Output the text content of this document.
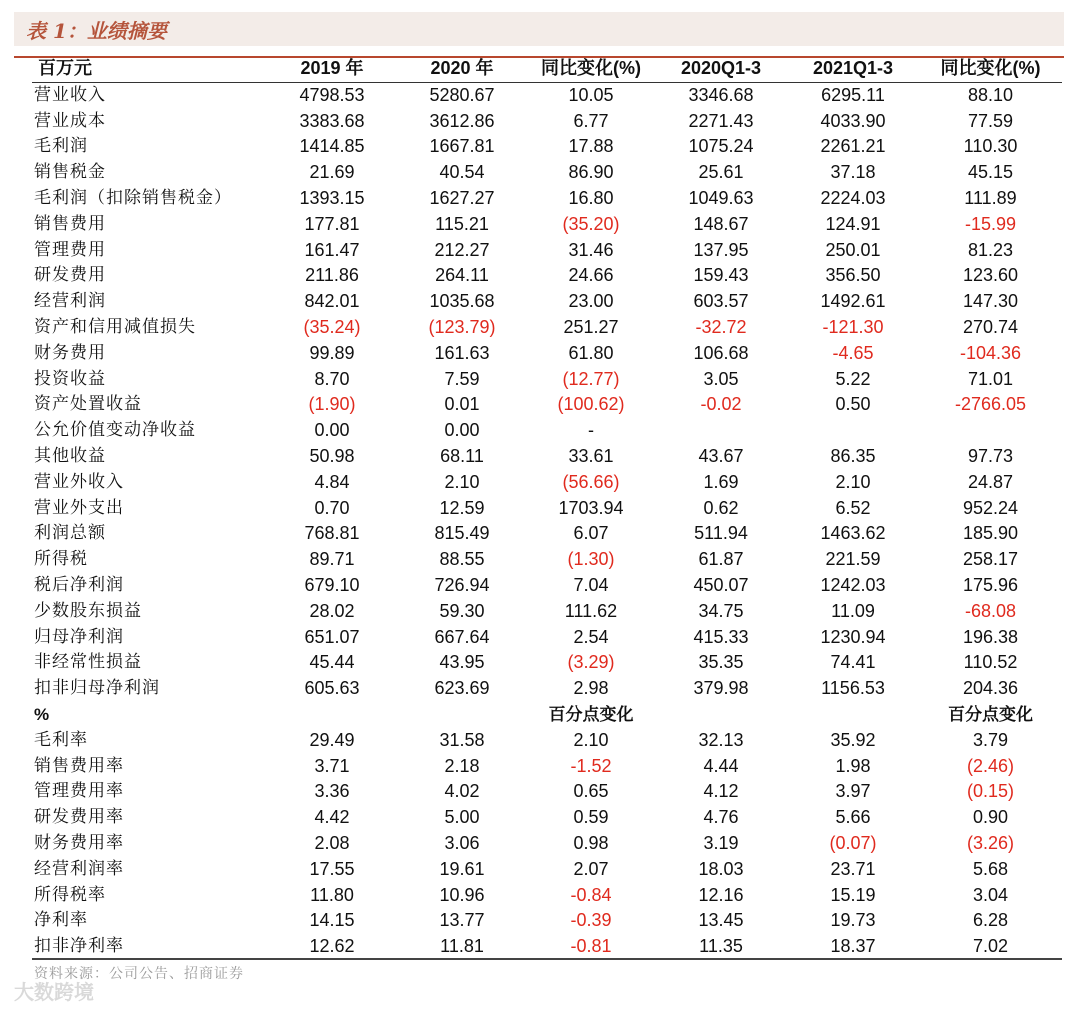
表 1：业绩摘要
百万元	2019 年	2020 年	同比变化(%)	2020Q1-3	2021Q1-3	同比变化(%)
营业收入	4798.53	5280.67	10.05	3346.68	6295.11	88.10
营业成本	3383.68	3612.86	6.77	2271.43	4033.90	77.59
毛利润	1414.85	1667.81	17.88	1075.24	2261.21	110.30
销售税金	21.69	40.54	86.90	25.61	37.18	45.15
毛利润（扣除销售税金）	1393.15	1627.27	16.80	1049.63	2224.03	111.89
销售费用	177.81	115.21	(35.20)	148.67	124.91	-15.99
管理费用	161.47	212.27	31.46	137.95	250.01	81.23
研发费用	211.86	264.11	24.66	159.43	356.50	123.60
经营利润	842.01	1035.68	23.00	603.57	1492.61	147.30
资产和信用减值损失	(35.24)	(123.79)	251.27	-32.72	-121.30	270.74
财务费用	99.89	161.63	61.80	106.68	-4.65	-104.36
投资收益	8.70	7.59	(12.77)	3.05	5.22	71.01
资产处置收益	(1.90)	0.01	(100.62)	-0.02	0.50	-2766.05
公允价值变动净收益	0.00	0.00	-			
其他收益	50.98	68.11	33.61	43.67	86.35	97.73
营业外收入	4.84	2.10	(56.66)	1.69	2.10	24.87
营业外支出	0.70	12.59	1703.94	0.62	6.52	952.24
利润总额	768.81	815.49	6.07	511.94	1463.62	185.90
所得税	89.71	88.55	(1.30)	61.87	221.59	258.17
税后净利润	679.10	726.94	7.04	450.07	1242.03	175.96
少数股东损益	28.02	59.30	111.62	34.75	11.09	-68.08
归母净利润	651.07	667.64	2.54	415.33	1230.94	196.38
非经常性损益	45.44	43.95	(3.29)	35.35	74.41	110.52
扣非归母净利润	605.63	623.69	2.98	379.98	1156.53	204.36
%			百分点变化			百分点变化
毛利率	29.49	31.58	2.10	32.13	35.92	3.79
销售费用率	3.71	2.18	-1.52	4.44	1.98	(2.46)
管理费用率	3.36	4.02	0.65	4.12	3.97	(0.15)
研发费用率	4.42	5.00	0.59	4.76	5.66	0.90
财务费用率	2.08	3.06	0.98	3.19	(0.07)	(3.26)
经营利润率	17.55	19.61	2.07	18.03	23.71	5.68
所得税率	11.80	10.96	-0.84	12.16	15.19	3.04
净利率	14.15	13.77	-0.39	13.45	19.73	6.28
扣非净利率	12.62	11.81	-0.81	11.35	18.37	7.02
资料来源：公司公告、招商证券
大数跨境
